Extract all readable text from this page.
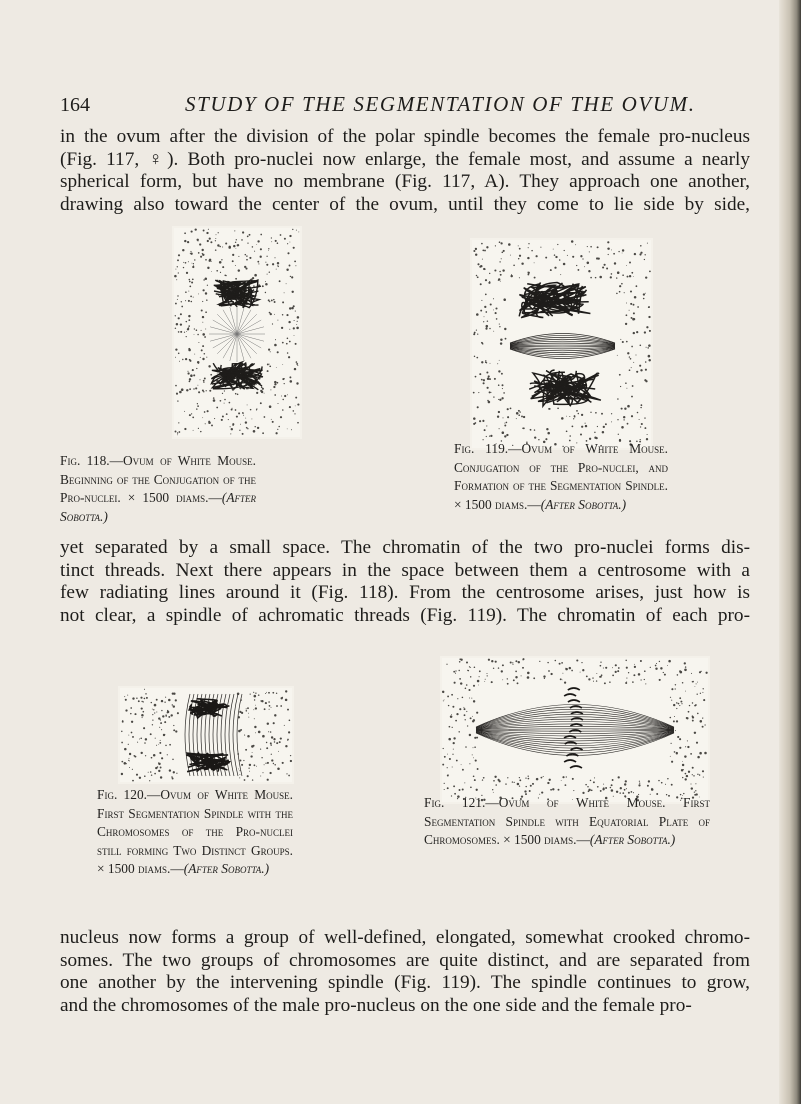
164	STUDY OF THE SEGMENTATION OF THE OVUM.

in the ovum after the division of the polar spindle becomes the female pro-nucleus

(Fig. 117, ♀). Both pro-nuclei now enlarge, the female most, and assume a nearly

spherical form, but have no membrane (Fig. 117, A). They approach one another,

drawing also toward the center of the ovum, until they come to lie side by side,

Fig. 118.—Ovum of White Mouse. Beginning of the Conjugation of the Pro-nuclei. × 1500 diams.—(After Sobotta.)

Fig. 119.—Ovum of White Mouse. Conjugation of the Pro-nuclei, and Formation of the Segmentation Spindle. × 1500 diams.—(After Sobotta.)

yet separated by a small space. The chromatin of the two pro-nuclei forms dis-

tinct threads. Next there appears in the space between them a centrosome with a

few radiating lines around it (Fig. 118). From the centrosome arises, just how is

not clear, a spindle of achromatic threads (Fig. 119). The chromatin of each pro-

Fig. 120.—Ovum of White Mouse. First Segmentation Spindle with the Chromosomes of the Pro-nuclei still forming Two Distinct Groups. × 1500 diams.—(After Sobotta.)

Fig. 121.—Ovum of White Mouse. First Segmentation Spindle with Equatorial Plate of Chromosomes. × 1500 diams.—(After Sobotta.)

nucleus now forms a group of well-defined, elongated, somewhat crooked chromo-

somes. The two groups of chromosomes are quite distinct, and are separated from

one another by the intervening spindle (Fig. 119). The spindle continues to grow,

and the chromosomes of the male pro-nucleus on the one side and the female pro-
